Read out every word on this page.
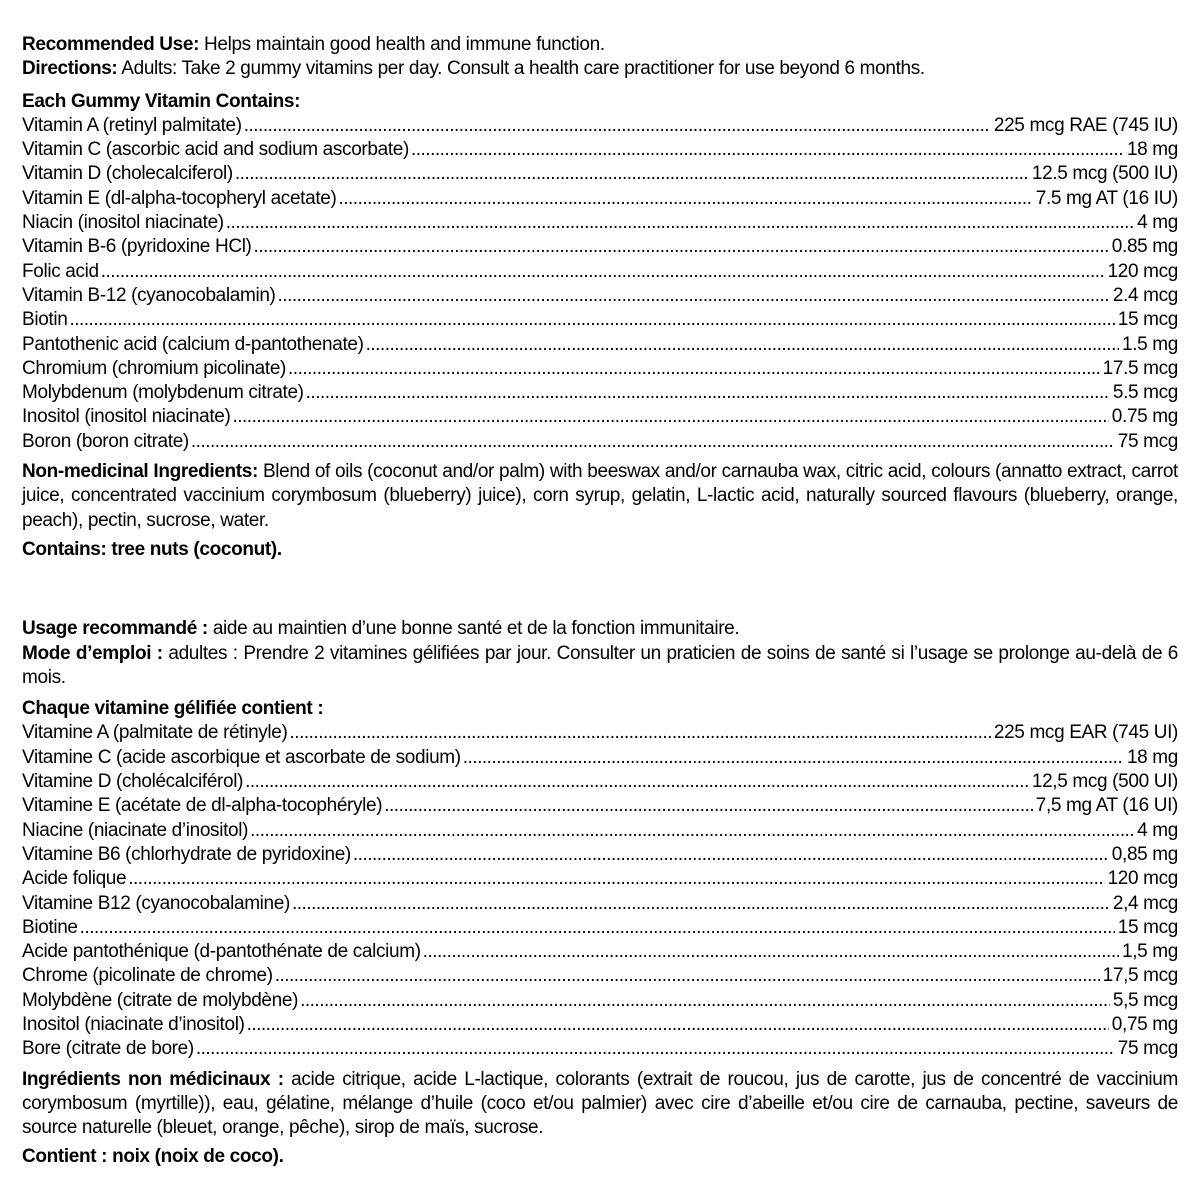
Recommended Use: Helps maintain good health and immune function.

Directions: Adults: Take 2 gummy vitamins per day. Consult a health care practitioner for use beyond 6 months.

Each Gummy Vitamin Contains:

Vitamin A (retinyl palmitate) .....	225 mcg RAE (745 IU)
Vitamin C (ascorbic acid and sodium ascorbate) .....	18 mg
Vitamin D (cholecalciferol) .....	12.5 mcg (500 IU)
Vitamin E (dl-alpha-tocopheryl acetate) .....	7.5 mg AT (16 IU)
Niacin (inositol niacinate) .....	4 mg
Vitamin B-6 (pyridoxine HCl) .....	0.85 mg
Folic acid .....	120 mcg
Vitamin B-12 (cyanocobalamin) .....	2.4 mcg
Biotin .....	15 mcg
Pantothenic acid (calcium d-pantothenate) .....	1.5 mg
Chromium (chromium picolinate) .....	17.5 mcg
Molybdenum (molybdenum citrate) .....	5.5 mcg
Inositol (inositol niacinate) .....	0.75 mg
Boron (boron citrate) .....	75 mcg

Non-medicinal Ingredients: Blend of oils (coconut and/or palm) with beeswax and/or carnauba wax, citric acid, colours (annatto extract, carrot juice, concentrated vaccinium corymbosum (blueberry) juice), corn syrup, gelatin, L-lactic acid, naturally sourced flavours (blueberry, orange, peach), pectin, sucrose, water.

Contains: tree nuts (coconut).

Usage recommandé : aide au maintien d’une bonne santé et de la fonction immunitaire.

Mode d’emploi : adultes : Prendre 2 vitamines gélifiées par jour. Consulter un praticien de soins de santé si l’usage se prolonge au-delà de 6 mois.

Chaque vitamine gélifiée contient :

Vitamine A (palmitate de rétinyle) .....	225 mcg EAR (745 UI)
Vitamine C (acide ascorbique et ascorbate de sodium) .....	18 mg
Vitamine D (cholécalciférol) .....	12,5 mcg (500 UI)
Vitamine E (acétate de dl-alpha-tocophéryle) .....	7,5 mg AT (16 UI)
Niacine (niacinate d’inositol) .....	4 mg
Vitamine B6 (chlorhydrate de pyridoxine) .....	0,85 mg
Acide folique .....	120 mcg
Vitamine B12 (cyanocobalamine) .....	2,4 mcg
Biotine .....	15 mcg
Acide pantothénique (d-pantothénate de calcium) .....	1,5 mg
Chrome (picolinate de chrome) .....	17,5 mcg
Molybdène (citrate de molybdène) .....	5,5 mcg
Inositol (niacinate d’inositol) .....	0,75 mg
Bore (citrate de bore) .....	75 mcg

Ingrédients non médicinaux : acide citrique, acide L-lactique, colorants (extrait de roucou, jus de carotte, jus de concentré de vaccinium corymbosum (myrtille)), eau, gélatine, mélange d’huile (coco et/ou palmier) avec cire d’abeille et/ou cire de carnauba, pectine, saveurs de source naturelle (bleuet, orange, pêche), sirop de maïs, sucrose.

Contient : noix (noix de coco).
